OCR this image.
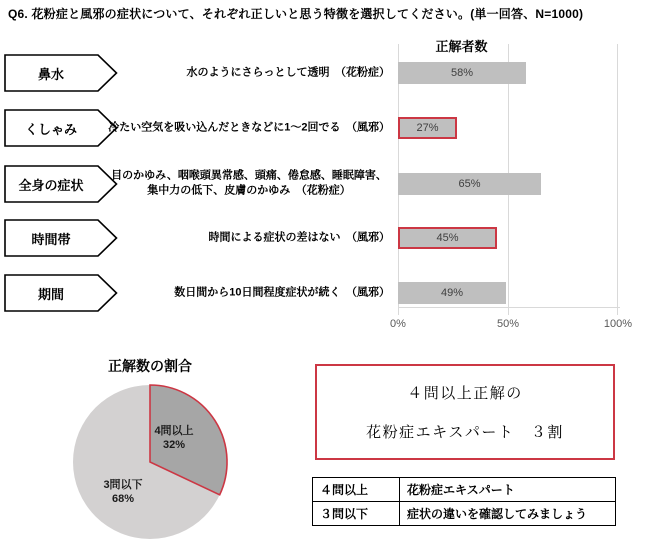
Q6. 花粉症と風邪の症状について、それぞれ正しいと思う特徴を選択してください。(単一回答、N=1000)
正解者数
鼻水	水のようにさらっとして透明　（花粉症）
くしゃみ	冷たい空気を吸い込んだときなどに1～2回でる　（風邪）
全身の症状
目のかゆみ、咽喉頭異常感、頭痛、倦怠感、睡眠障害、集中力の低下、皮膚のかゆみ　（花粉症）
時間帯	時間による症状の差はない　（風邪）
期間	数日間から10日間程度症状が続く　（風邪）
0%	50%	100%
58%
27%
65%
45%
49%
正解数の割合
4問以上
32%
3問以下
68%
４問以上正解の
花粉症エキスパート　３割
４問以上	花粉症エキスパート
３問以下	症状の違いを確認してみましょう
